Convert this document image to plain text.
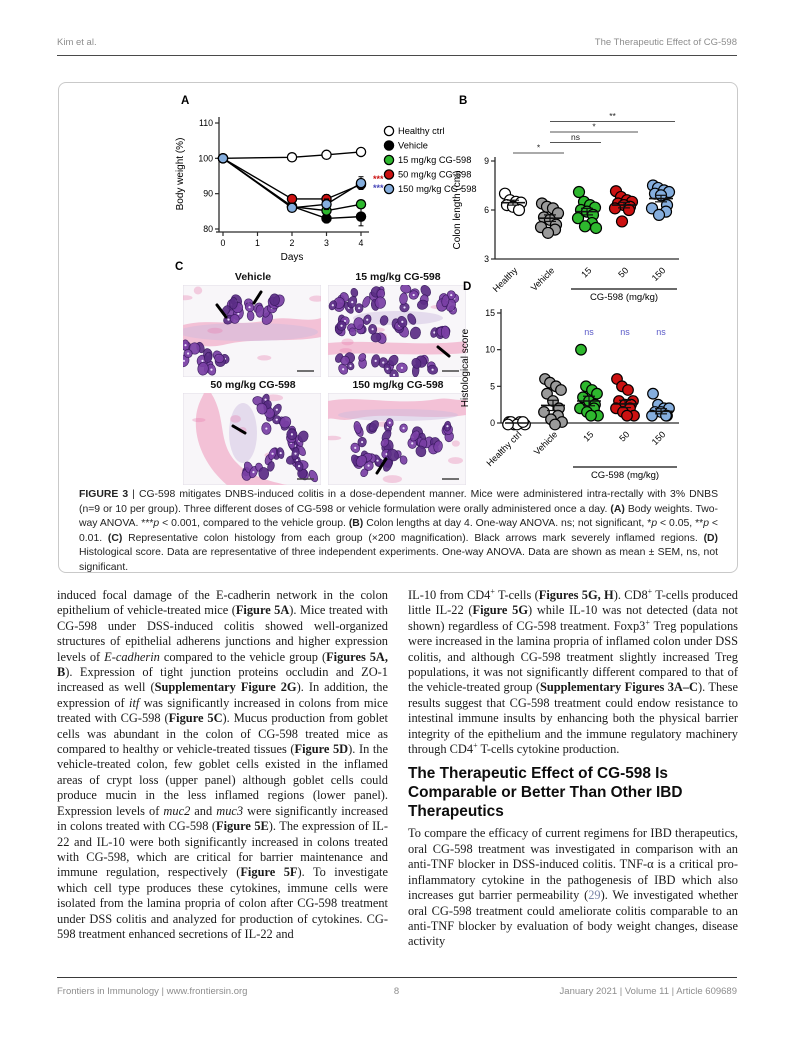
Kim et al.	The Therapeutic Effect of CG-598
A
80
90
100
110
0	1	2	3	4
Days
Body weight (%)	***
***
Healthy ctrl
Vehicle
15 mg/kg CG-598
50 mg/kg CG-598
150 mg/kg CG-598
B
3
6
9
Colon length (cm)
Healthy Vehicle	15	50 150
*
ns
*
**
CG-598 (mg/kg)
C
Vehicle	15 mg/kg CG-598
50 mg/kg CG-598	150 mg/kg CG-598
D
0
5
10
15
Histological score
Healthy ctrl Vehicle
ns
15
ns
50
ns
150
CG-598 (mg/kg)
FIGURE 3 | CG-598 mitigates DNBS-induced colitis in a dose-dependent manner. Mice were administered intra-rectally with 3% DNBS (n=9 or 10 per group). Three different doses of CG-598 or vehicle formulation were orally administered once a day. (A) Body weights. Two-way ANOVA. ***p < 0.001, compared to the vehicle group. (B) Colon lengths at day 4. One-way ANOVA. ns; not significant, *p < 0.05, **p < 0.01. (C) Representative colon histology from each group (×200 magnification). Black arrows mark severely inflamed regions. (D) Histological score. Data are representative of three independent experiments. One-way ANOVA. Data are shown as mean ± SEM, ns, not significant.

induced focal damage of the E-cadherin network in the colon epithelium of vehicle-treated mice (Figure 5A). Mice treated with CG-598 under DSS-induced colitis showed well-organized structures of epithelial adherens junctions and higher expression levels of E-cadherin compared to the vehicle group (Figures 5A, B). Expression of tight junction proteins occludin and ZO-1 increased as well (Supplementary Figure 2G). In addition, the expression of itf was significantly increased in colons from mice treated with CG-598 (Figure 5C). Mucus production from goblet cells was abundant in the colon of CG-598 treated mice as compared to healthy or vehicle-treated tissues (Figure 5D). In the vehicle-treated colon, few goblet cells existed in the inflamed areas of crypt loss (upper panel) although goblet cells could produce mucin in the less inflamed regions (lower panel). Expression levels of muc2 and muc3 were significantly increased in colons treated with CG-598 (Figure 5E). The expression of IL-22 and IL-10 were both significantly increased in colons treated with CG-598, which are critical for barrier maintenance and immune regulation, respectively (Figure 5F). To investigate which cell type produces these cytokines, immune cells were isolated from the lamina propria of colon after CG-598 treatment under DSS colitis and analyzed for production of cytokines. CG-598 treatment enhanced secretions of IL-22 and

IL-10 from CD4+ T-cells (Figures 5G, H). CD8+ T-cells produced little IL-22 (Figure 5G) while IL-10 was not detected (data not shown) regardless of CG-598 treatment. Foxp3+ Treg populations were increased in the lamina propria of inflamed colon under DSS colitis, and although CG-598 treatment slightly increased Treg populations, it was not significantly different compared to that of the vehicle-treated group (Supplementary Figures 3A–C). These results suggest that CG-598 treatment could endow resistance to intestinal immune insults by enhancing both the physical barrier integrity of the epithelium and the immune regulatory machinery through CD4+ T-cells cytokine production.

The Therapeutic Effect of CG-598 Is Comparable or Better Than Other IBD Therapeutics

To compare the efficacy of current regimens for IBD therapeutics, oral CG-598 treatment was investigated in comparison with an anti-TNF blocker in DSS-induced colitis. TNF-α is a critical pro-inflammatory cytokine in the pathogenesis of IBD which also increases gut barrier permeability (29). We investigated whether oral CG-598 treatment could ameliorate colitis comparable to an anti-TNF blocker by evaluation of body weight changes, disease activity

Frontiers in Immunology | www.frontiersin.org	8	January 2021 | Volume 11 | Article 609689
